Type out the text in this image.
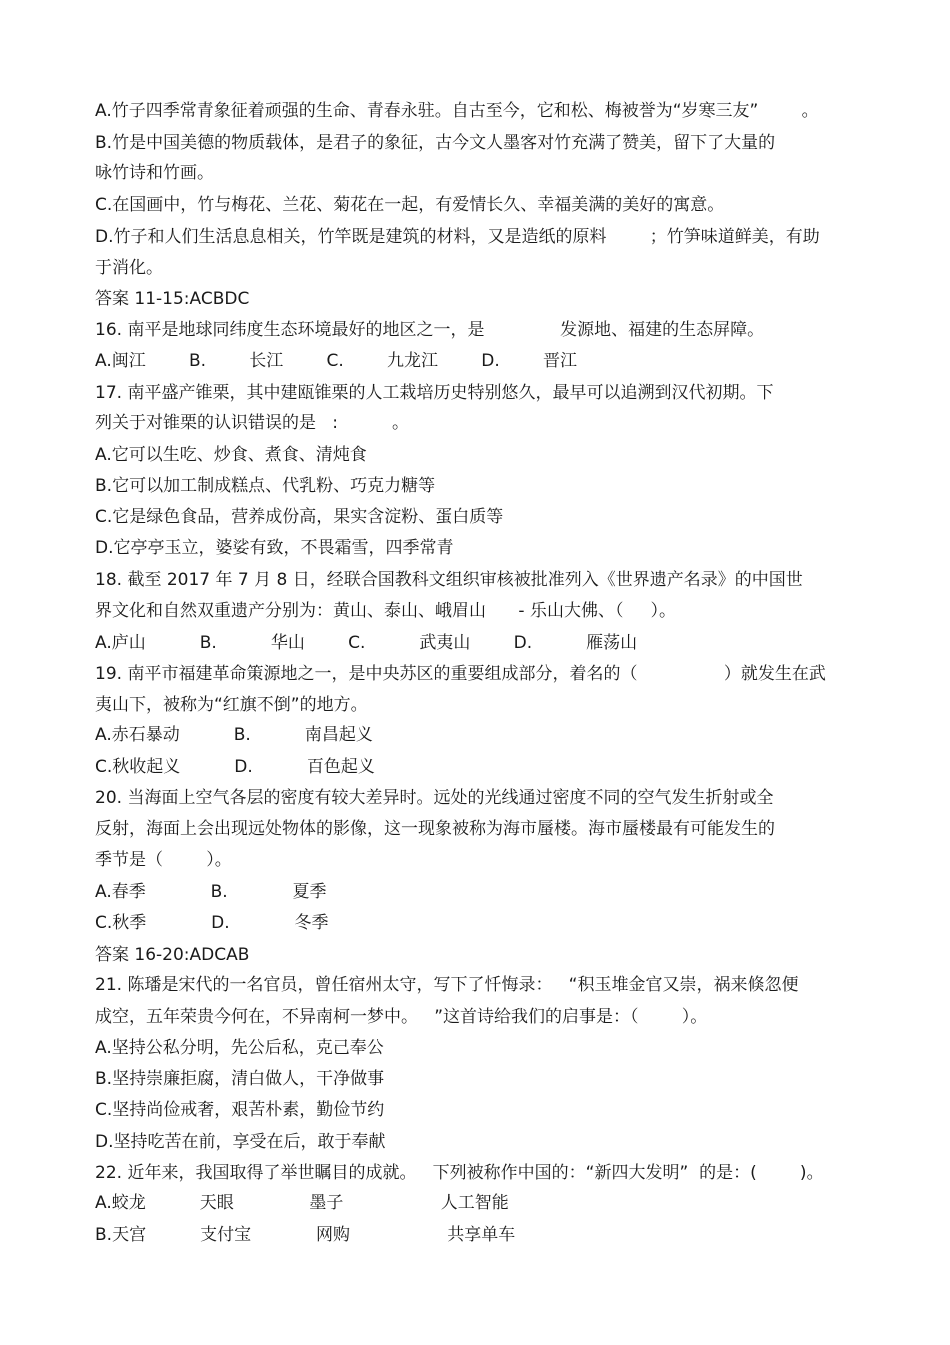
A.竹子四季常青象征着顽强的生命、青春永驻。自古至今，它和松、梅被誉为“岁寒三友”        。
B.竹是中国美德的物质载体，是君子的象征，古今文人墨客对竹充满了赞美，留下了大量的
咏竹诗和竹画。
C.在国画中，竹与梅花、兰花、菊花在一起，有爱情长久、幸福美满的美好的寓意。
D.竹子和人们生活息息相关，竹竿既是建筑的材料，又是造纸的原料        ；竹笋味道鲜美，有助
于消化。
答案 11-15:ACBDC
16. 南平是地球同纬度生态环境最好的地区之一，是              发源地、福建的生态屏障。
A.闽江        B.        长江        C.        九龙江        D.        晋江
17. 南平盛产锥栗，其中建瓯锥栗的人工栽培历史特别悠久，最早可以追溯到汉代初期。下
列关于对锥栗的认识错误的是   :          。
A.它可以生吃、炒食、煮食、清炖食
B.它可以加工制成糕点、代乳粉、巧克力糖等
C.它是绿色食品，营养成份高，果实含淀粉、蛋白质等
D.它亭亭玉立，婆娑有致，不畏霜雪，四季常青
18. 截至 2017 年 7 月 8 日，经联合国教科文组织审核被批准列入《世界遗产名录》的中国世
界文化和自然双重遗产分别为：黄山、泰山、峨眉山      - 乐山大佛、（     ）。
A.庐山          B.          华山        C.          武夷山        D.          雁荡山
19. 南平市福建革命策源地之一，是中央苏区的重要组成部分，着名的（                ）就发生在武
夷山下，被称为“红旗不倒”的地方。
A.赤石暴动          B.          南昌起义
C.秋收起义          D.          百色起义
20. 当海面上空气各层的密度有较大差异时。远处的光线通过密度不同的空气发生折射或全
反射，海面上会出现远处物体的影像，这一现象被称为海市蜃楼。海市蜃楼最有可能发生的
季节是（        ）。
A.春季            B.            夏季
C.秋季            D.            冬季
答案 16-20:ADCAB
21. 陈璠是宋代的一名官员，曾任宿州太守，写下了忏悔录：   “积玉堆金官又崇，祸来倏忽便
成空，五年荣贵今何在，不异南柯一梦中。   ”这首诗给我们的启事是：（        ）。
A.坚持公私分明，先公后私，克己奉公
B.坚持崇廉拒腐，清白做人，干净做事
C.坚持尚俭戒奢，艰苦朴素，勤俭节约
D.坚持吃苦在前，享受在后，敢于奉献
22. 近年来，我国取得了举世瞩目的成就。   下列被称作中国的：“新四大发明”  的是：(        )。
A.蛟龙          天眼              墨子                  人工智能
B.天宫          支付宝            网购                  共享单车
